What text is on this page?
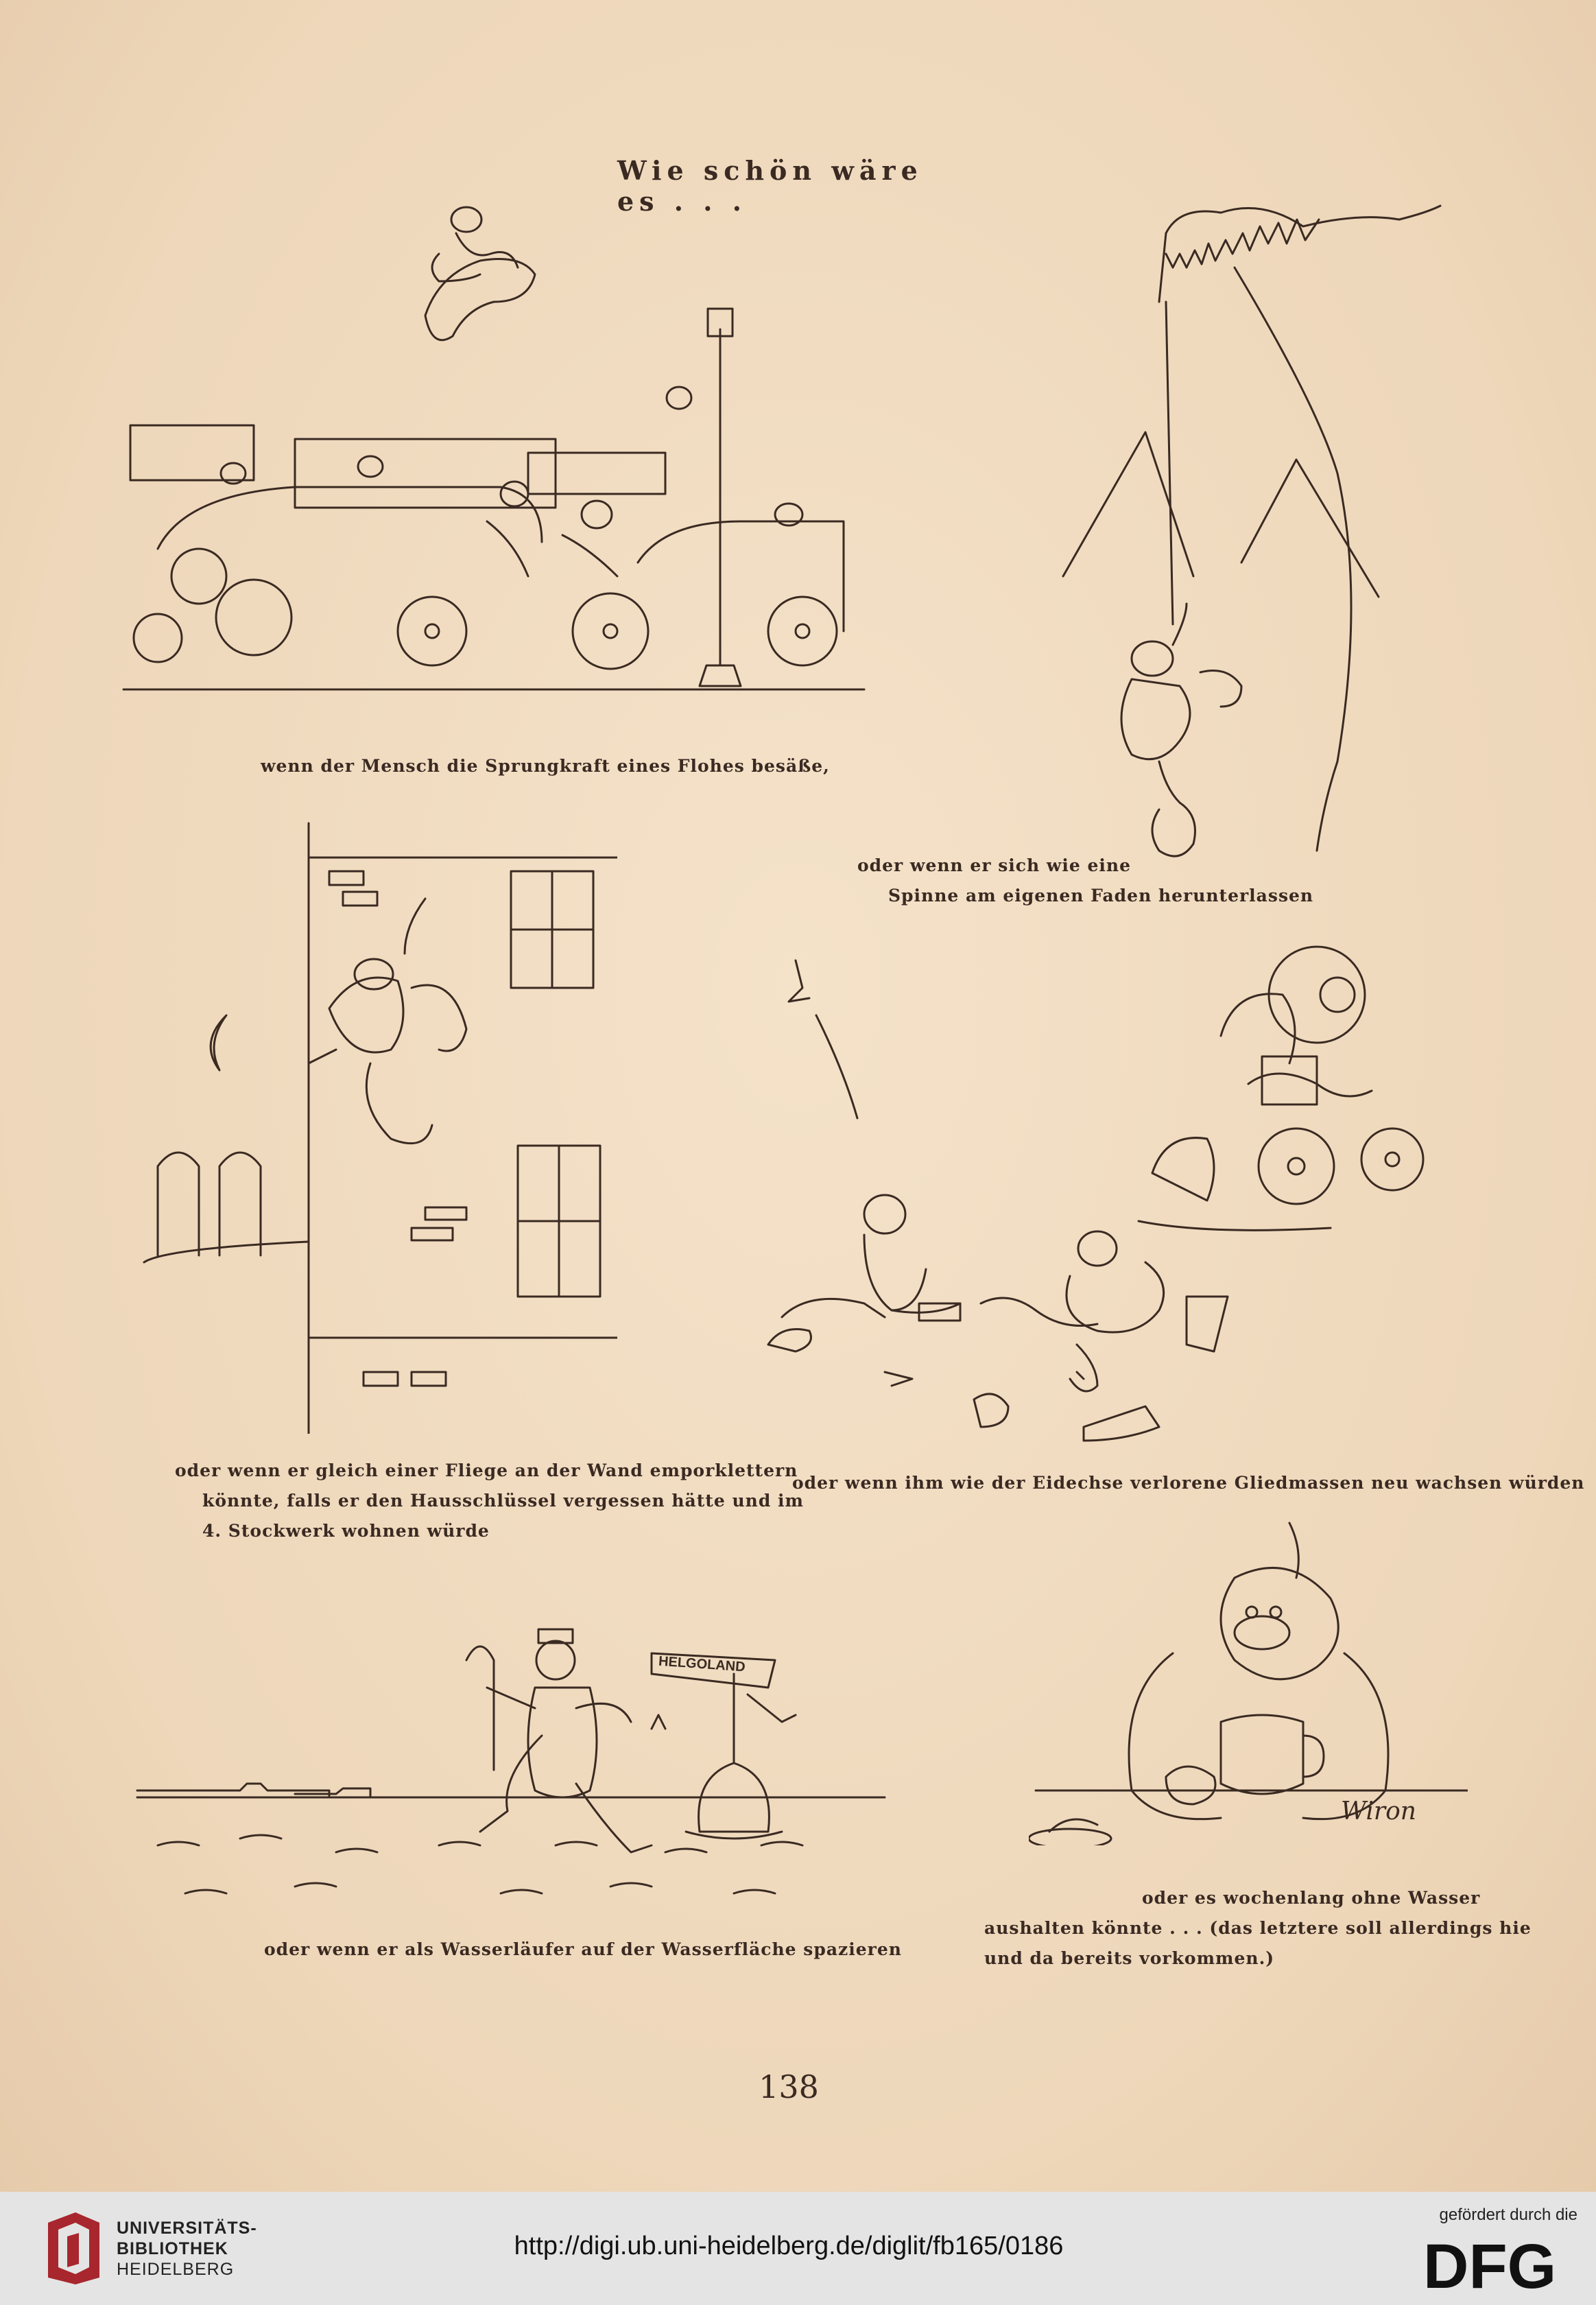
Wie schön wäre es . . .
wenn der Mensch die Sprungkraft eines Flohes besäße,
oder wenn er sich wie eine
Spinne am eigenen Faden herunterlassen
oder wenn er gleich einer Fliege an der Wand emporklettern
könnte, falls er den Hausschlüssel vergessen hätte und im
4. Stockwerk wohnen würde
oder wenn ihm wie der Eidechse verlorene Gliedmassen neu wachsen würden
HELGOLAND
Wiron
oder wenn er als Wasserläufer auf der Wasserfläche spazieren
oder es wochenlang ohne Wasser
aushalten könnte . . . (das letztere soll allerdings hie
und da bereits vorkommen.)
138
UNIVERSITÄTS-
BIBLIOTHEK
HEIDELBERG
http://digi.ub.uni-heidelberg.de/diglit/fb165/0186
gefördert durch die
DFG
